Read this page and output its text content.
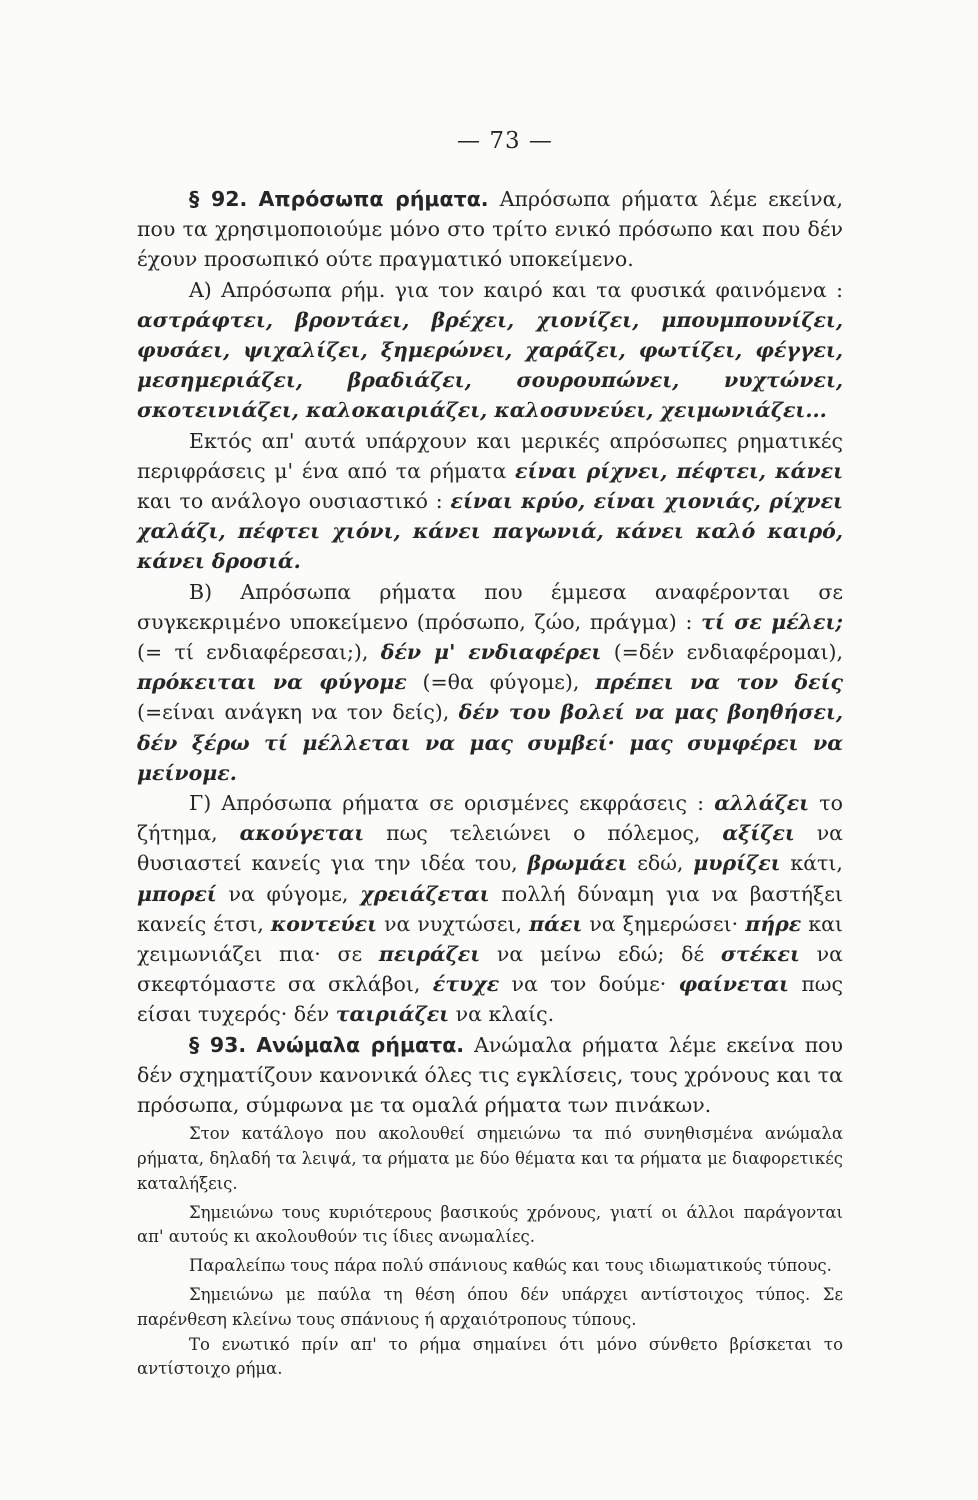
— 73 —

§ 92. Απρόσωπα ρήματα. Απρόσωπα ρήματα λέμε εκείνα, που τα χρησιμοποιούμε μόνο στο τρίτο ενικό πρόσωπο και που δέν έχουν προσωπικό ούτε πραγματικό υποκείμενο.

Α) Απρόσωπα ρήμ. για τον καιρό και τα φυσικά φαινόμενα : αστράφτει, βροντάει, βρέχει, χιονίζει, μπουμπουνίζει, φυσάει, ψιχαλίζει, ξημερώνει, χαράζει, φωτίζει, φέγγει, μεσημεριάζει, βραδιάζει, σουρουπώνει, νυχτώνει, σκοτεινιάζει, καλοκαιριάζει, καλοσυνεύει, χειμωνιάζει...

Εκτός απ' αυτά υπάρχουν και μερικές απρόσωπες ρηματικές περιφράσεις μ' ένα από τα ρήματα είναι ρίχνει, πέφτει, κάνει και το ανάλογο ουσιαστικό : είναι κρύο, είναι χιονιάς, ρίχνει χαλάζι, πέφτει χιόνι, κάνει παγωνιά, κάνει καλό καιρό, κάνει δροσιά.

Β) Απρόσωπα ρήματα που έμμεσα αναφέρονται σε συγκεκριμένο υποκείμενο (πρόσωπο, ζώο, πράγμα) : τί σε μέλει; (= τί ενδιαφέρεσαι;), δέν μ' ενδιαφέρει (=δέν ενδιαφέρομαι), πρόκειται να φύγομε (=θα φύγομε), πρέπει να τον δείς (=είναι ανάγκη να τον δείς), δέν του βολεί να μας βοηθήσει, δέν ξέρω τί μέλλεται να μας συμβεί· μας συμφέρει να μείνομε.

Γ) Απρόσωπα ρήματα σε ορισμένες εκφράσεις : αλλάζει το ζήτημα, ακούγεται πως τελειώνει ο πόλεμος, αξίζει να θυσιαστεί κανείς για την ιδέα του, βρωμάει εδώ, μυρίζει κάτι, μπορεί να φύγομε, χρειάζεται πολλή δύναμη για να βαστήξει κανείς έτσι, κοντεύει να νυχτώσει, πάει να ξημερώσει· πήρε και χειμωνιάζει πια· σε πειράζει να μείνω εδώ; δέ στέκει να σκεφτόμαστε σα σκλάβοι, έτυχε να τον δούμε· φαίνεται πως είσαι τυχερός· δέν ταιριάζει να κλαίς.

§ 93. Ανώμαλα ρήματα. Ανώμαλα ρήματα λέμε εκείνα που δέν σχηματίζουν κανονικά όλες τις εγκλίσεις, τους χρόνους και τα πρόσωπα, σύμφωνα με τα ομαλά ρήματα των πινάκων.

Στον κατάλογο που ακολουθεί σημειώνω τα πιό συνηθισμένα ανώμαλα ρήματα, δηλαδή τα λειψά, τα ρήματα με δύο θέματα και τα ρήματα με διαφορετικές καταλήξεις.

Σημειώνω τους κυριότερους βασικούς χρόνους, γιατί οι άλλοι παράγονται απ' αυτούς κι ακολουθούν τις ίδιες ανωμαλίες.

Παραλείπω τους πάρα πολύ σπάνιους καθώς και τους ιδιωματικούς τύπους.

Σημειώνω με παύλα τη θέση όπου δέν υπάρχει αντίστοιχος τύπος. Σε παρένθεση κλείνω τους σπάνιους ή αρχαιότροπους τύπους.

Το ενωτικό πρίν απ' το ρήμα σημαίνει ότι μόνο σύνθετο βρίσκεται το αντίστοιχο ρήμα.
